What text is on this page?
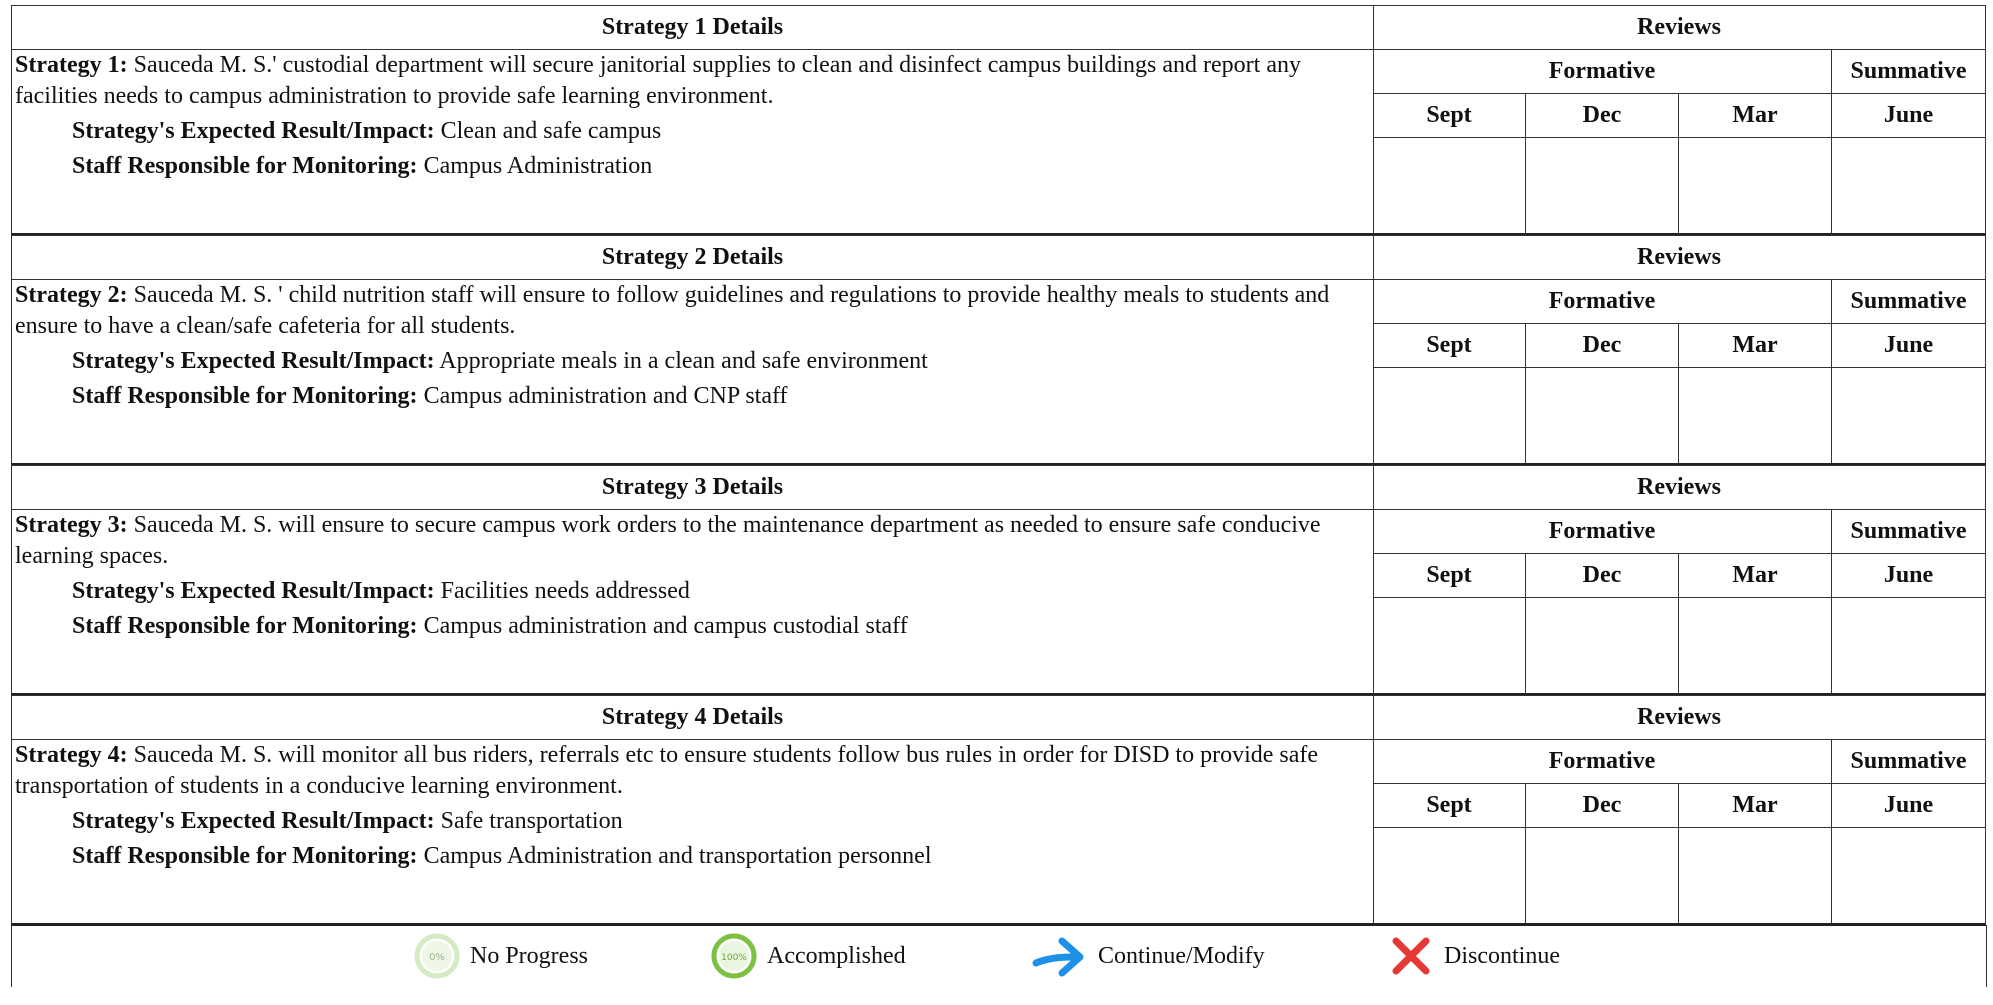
Strategy 1 Details
Strategy 1: Sauceda M. S.' custodial department will secure janitorial supplies to clean and disinfect campus buildings and report any facilities needs to campus administration to provide safe learning environment.
Strategy's Expected Result/Impact: Clean and safe campus
Staff Responsible for Monitoring: Campus Administration
Reviews
Formative	Summative
Sept	Dec	Mar	June
Strategy 2 Details
Strategy 2: Sauceda M. S. ' child nutrition staff will ensure to follow guidelines and regulations to provide healthy meals to students and ensure to have a clean/safe cafeteria for all students.
Strategy's Expected Result/Impact: Appropriate meals in a clean and safe environment
Staff Responsible for Monitoring: Campus administration and CNP staff
Reviews
Formative	Summative
Sept	Dec	Mar	June
Strategy 3 Details
Strategy 3: Sauceda M. S. will ensure to secure campus work orders to the maintenance department as needed to ensure safe conducive learning spaces.
Strategy's Expected Result/Impact: Facilities needs addressed
Staff Responsible for Monitoring: Campus administration and campus custodial staff
Reviews
Formative	Summative
Sept	Dec	Mar	June
Strategy 4 Details
Strategy 4: Sauceda M. S. will monitor all bus riders, referrals etc to ensure students follow bus rules in order for DISD to provide safe transportation of students in a conducive learning environment.
Strategy's Expected Result/Impact: Safe transportation
Staff Responsible for Monitoring: Campus Administration and transportation personnel
Reviews
Formative	Summative
Sept	Dec	Mar	June
0% No Progress	100% Accomplished	Continue/Modify	Discontinue
